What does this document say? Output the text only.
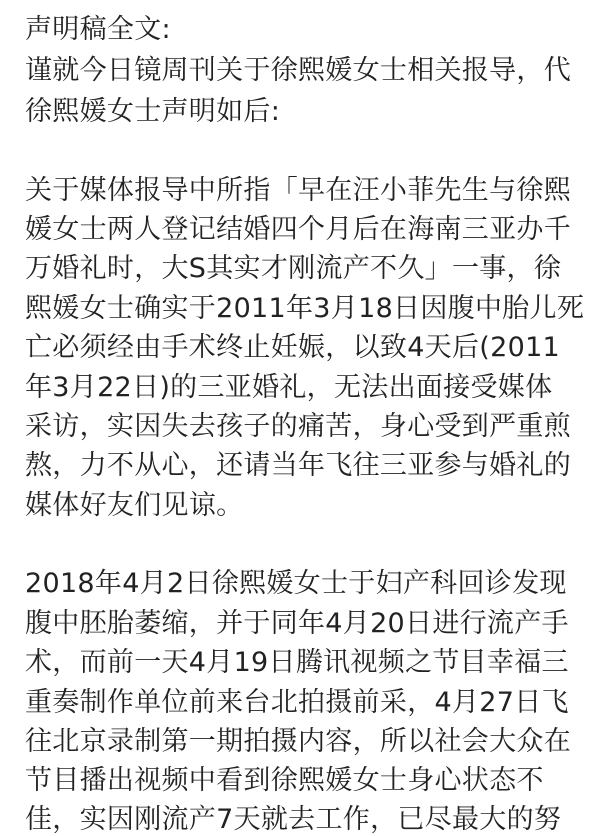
声明稿全文:
谨就今日镜周刊关于徐熙媛女士相关报导，代
徐熙媛女士声明如后:
关于媒体报导中所指「早在汪小菲先生与徐熙
媛女士两人登记结婚四个月后在海南三亚办千
万婚礼时，大S其实才刚流产不久」一事，徐
熙媛女士确实于2011年3月18日因腹中胎儿死
亡必须经由手术终止妊娠，以致4天后(2011
年3月22日)的三亚婚礼，无法出面接受媒体
采访，实因失去孩子的痛苦，身心受到严重煎
熬，力不从心，还请当年飞往三亚参与婚礼的
媒体好友们见谅。
2018年4月2日徐熙媛女士于妇产科回诊发现
腹中胚胎萎缩，并于同年4月20日进行流产手
术，而前一天4月19日腾讯视频之节目幸福三
重奏制作单位前来台北拍摄前采，4月27日飞
往北京录制第一期拍摄内容，所以社会大众在
节目播出视频中看到徐熙媛女士身心状态不
佳，实因刚流产7天就去工作，已尽最大的努
